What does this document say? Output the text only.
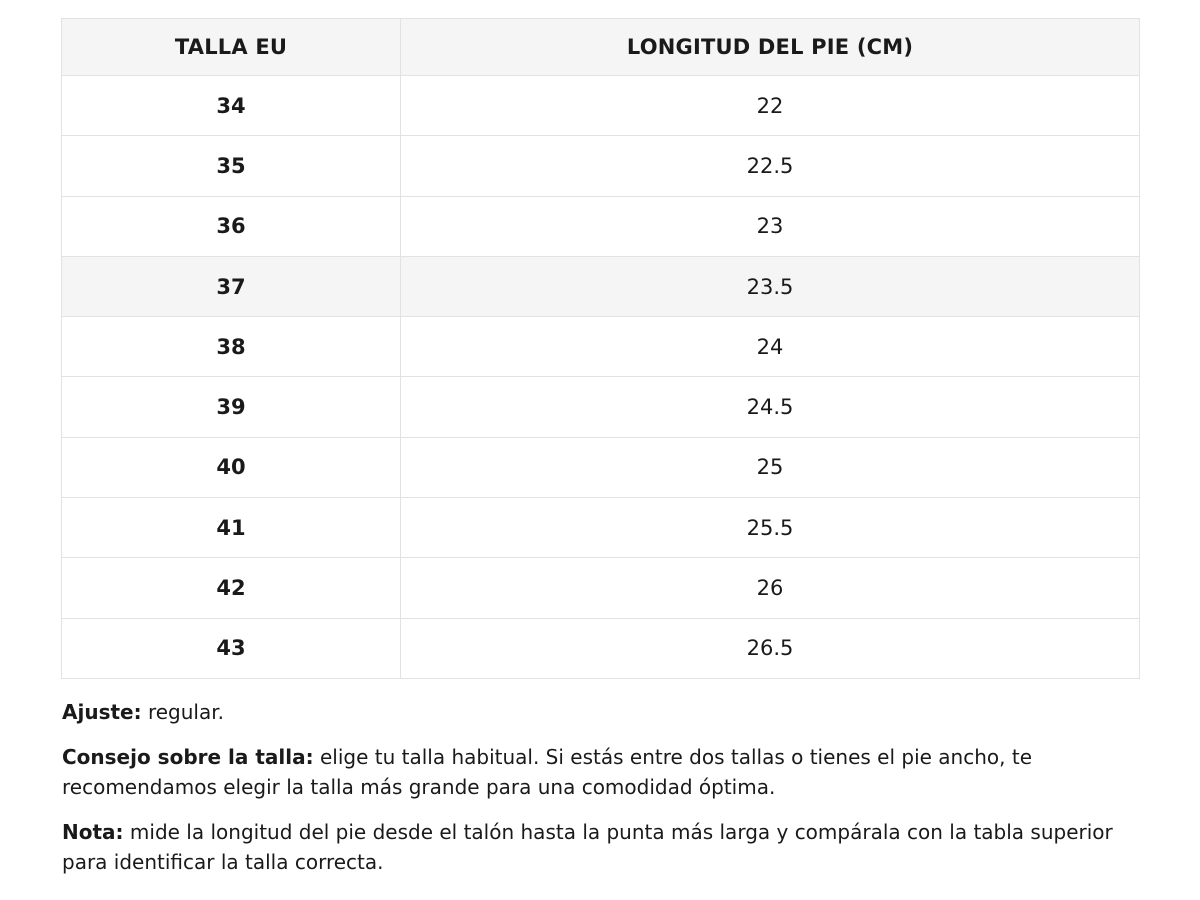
TALLA EU	LONGITUD DEL PIE (CM)
34	22
35	22.5
36	23
37	23.5
38	24
39	24.5
40	25
41	25.5
42	26
43	26.5

Ajuste: regular.

Consejo sobre la talla: elige tu talla habitual. Si estás entre dos tallas o tienes el pie ancho, te recomendamos elegir la talla más grande para una comodidad óptima.

Nota: mide la longitud del pie desde el talón hasta la punta más larga y compárala con la tabla superior para identificar la talla correcta.
